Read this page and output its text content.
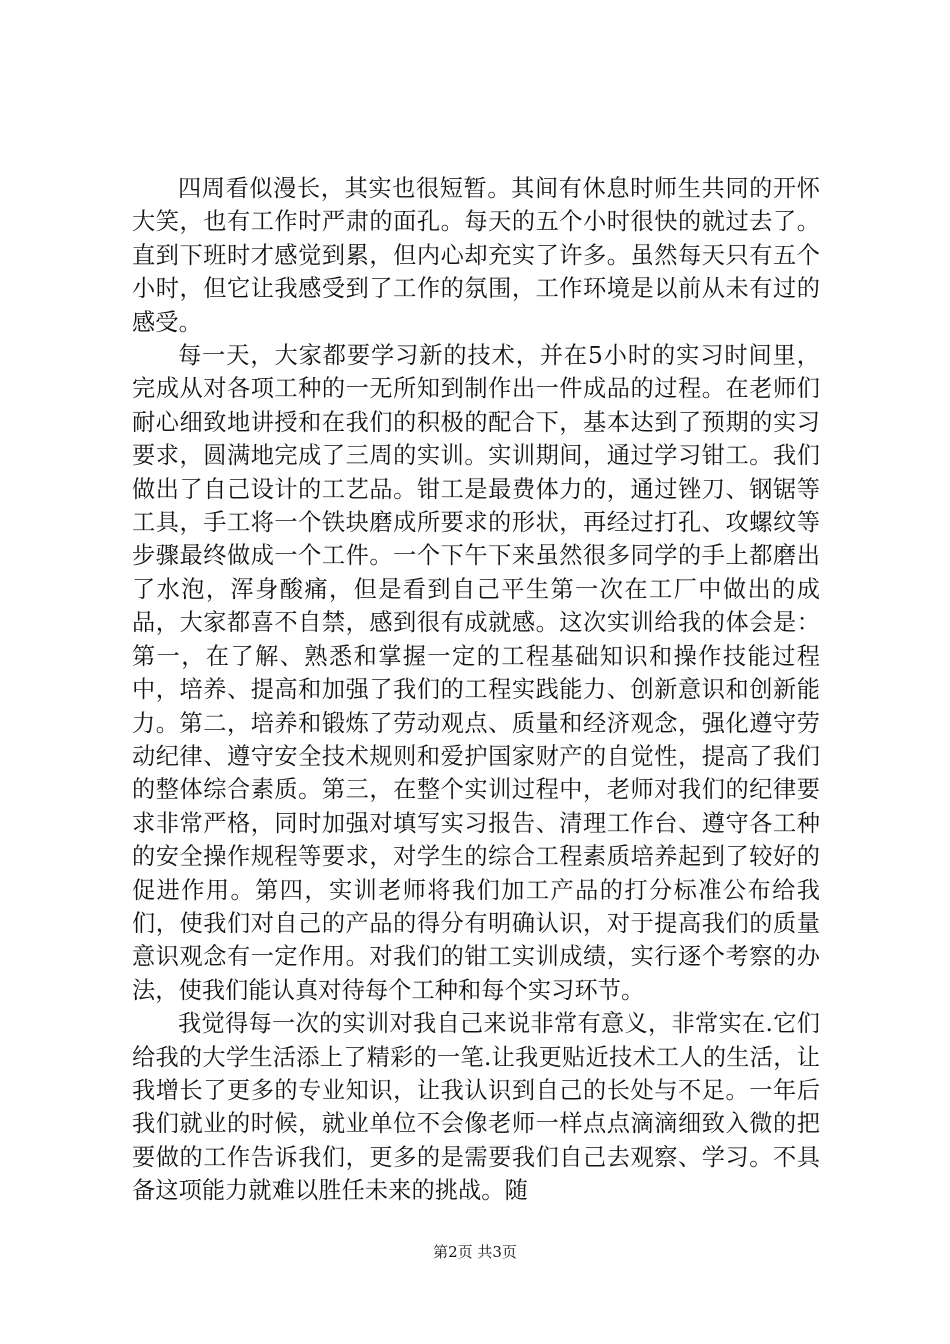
四周看似漫长，其实也很短暂。其间有休息时师生共同的开怀大笑，也有工作时严肃的面孔。每天的五个小时很快的就过去了。直到下班时才感觉到累，但内心却充实了许多。虽然每天只有五个小时，但它让我感受到了工作的氛围，工作环境是以前从未有过的感受。

每一天，大家都要学习新的技术，并在5小时的实习时间里，完成从对各项工种的一无所知到制作出一件成品的过程。在老师们耐心细致地讲授和在我们的积极的配合下，基本达到了预期的实习要求，圆满地完成了三周的实训。实训期间，通过学习钳工。我们做出了自己设计的工艺品。钳工是最费体力的，通过锉刀、钢锯等工具，手工将一个铁块磨成所要求的形状，再经过打孔、攻螺纹等步骤最终做成一个工件。一个下午下来虽然很多同学的手上都磨出了水泡，浑身酸痛，但是看到自己平生第一次在工厂中做出的成品，大家都喜不自禁，感到很有成就感。这次实训给我的体会是：第一，在了解、熟悉和掌握一定的工程基础知识和操作技能过程中，培养、提高和加强了我们的工程实践能力、创新意识和创新能力。第二，培养和锻炼了劳动观点、质量和经济观念，强化遵守劳动纪律、遵守安全技术规则和爱护国家财产的自觉性，提高了我们的整体综合素质。第三，在整个实训过程中，老师对我们的纪律要求非常严格，同时加强对填写实习报告、清理工作台、遵守各工种的安全操作规程等要求，对学生的综合工程素质培养起到了较好的促进作用。第四，实训老师将我们加工产品的打分标准公布给我们，使我们对自己的产品的得分有明确认识，对于提高我们的质量意识观念有一定作用。对我们的钳工实训成绩，实行逐个考察的办法，使我们能认真对待每个工种和每个实习环节。

我觉得每一次的实训对我自己来说非常有意义，非常实在.它们给我的大学生活添上了精彩的一笔.让我更贴近技术工人的生活，让我增长了更多的专业知识，让我认识到自己的长处与不足。一年后我们就业的时候，就业单位不会像老师一样点点滴滴细致入微的把要做的工作告诉我们，更多的是需要我们自己去观察、学习。不具备这项能力就难以胜任未来的挑战。随

第2页 共3页
